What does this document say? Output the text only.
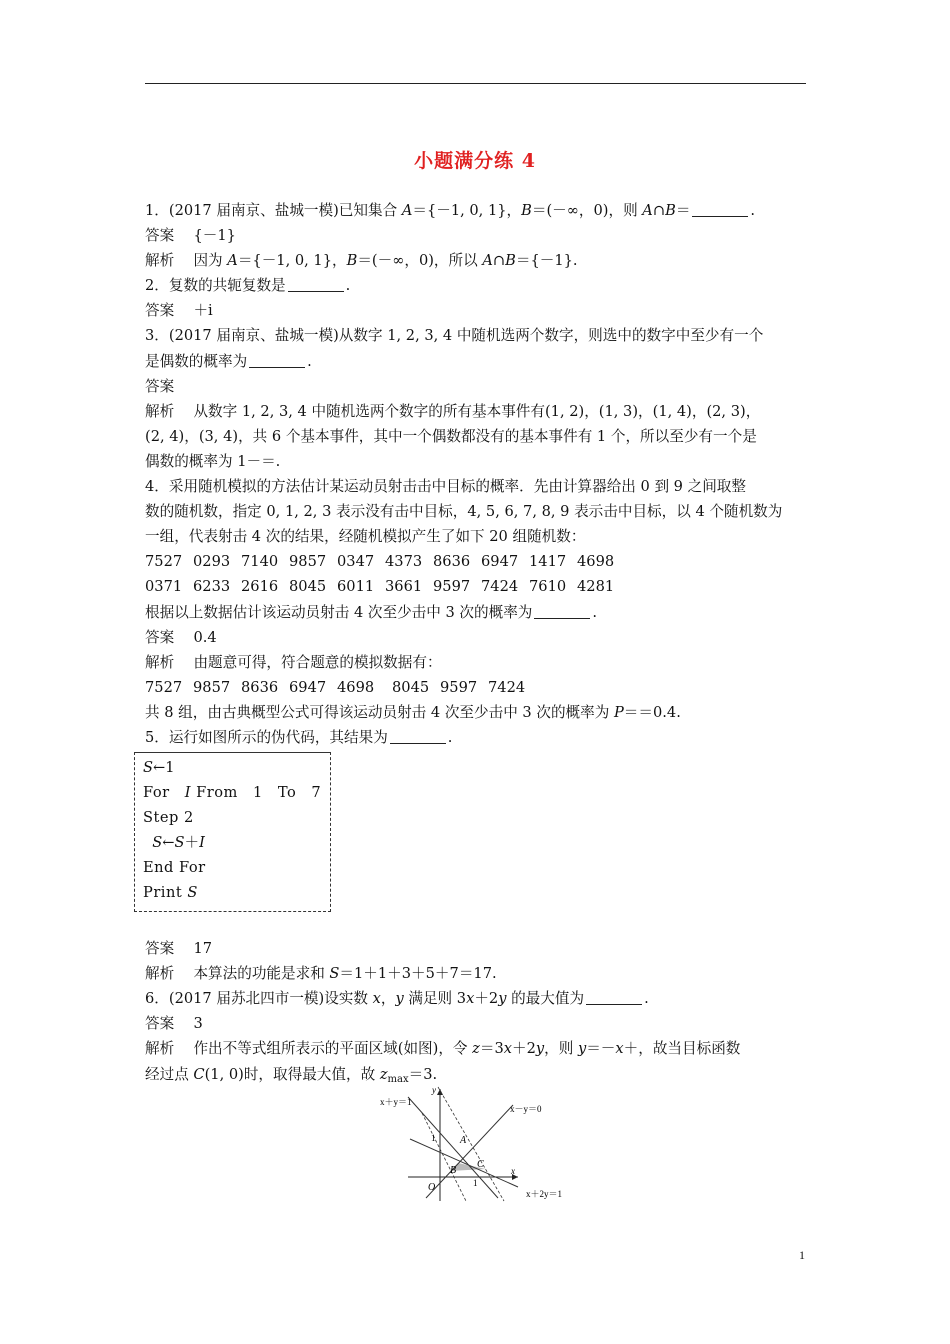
小题满分练 4
1．(2017 届南京、盐城一模)已知集合 A＝{－1, 0, 1}，B＝(－∞，0)，则 A∩B＝	.
答案　 {－1}
解析　 因为 A＝{－1, 0, 1}，B＝(－∞，0)，所以 A∩B＝{－1}.
2．复数的共轭复数是	.
答案　 ＋i
3．(2017 届南京、盐城一模)从数字 1, 2, 3, 4 中随机选两个数字，则选中的数字中至少有一个
是偶数的概率为	.
答案
解析　 从数字 1, 2, 3, 4 中随机选两个数字的所有基本事件有(1, 2)，(1, 3)，(1, 4)，(2, 3)，
(2, 4)，(3, 4)，共 6 个基本事件，其中一个偶数都没有的基本事件有 1 个，所以至少有一个是
偶数的概率为 1－＝.
4．采用随机模拟的方法估计某运动员射击击中目标的概率．先由计算器给出 0 到 9 之间取整
数的随机数，指定 0, 1, 2, 3 表示没有击中目标，4, 5, 6, 7, 8, 9 表示击中目标，以 4 个随机数为
一组，代表射击 4 次的结果，经随机模拟产生了如下 20 组随机数：
7527 0293 7140 9857 0347 4373 8636 6947 1417 4698
0371 6233 2616 8045 6011 3661 9597 7424 7610 4281
根据以上数据估计该运动员射击 4 次至少击中 3 次的概率为	.
答案　 0.4
解析　 由题意可得，符合题意的模拟数据有：
7527 9857 8636 6947 4698 8045 9597 7424
共 8 组，由古典概型公式可得该运动员射击 4 次至少击中 3 次的概率为 P＝＝0.4.
5．运行如图所示的伪代码，其结果为	.
S←1
For I From　1　To　7
Step 2
S←S＋I
End For
Print S
答案　 17
解析　 本算法的功能是求和 S＝1＋1＋3＋5＋7＝17.
6．(2017 届苏北四市一模)设实数 x，y 满足则 3x＋2y 的最大值为	.
答案　 3
解析　 作出不等式组所表示的平面区域(如图)，令 z＝3x＋2y，则 y＝－x＋，故当目标函数
经过点 C(1, 0)时，取得最大值，故 $z_{max}=3$.
x＋y＝1
x－y＝0
x＋2y＝1
y
x
O
1
1
A
B
C
1
